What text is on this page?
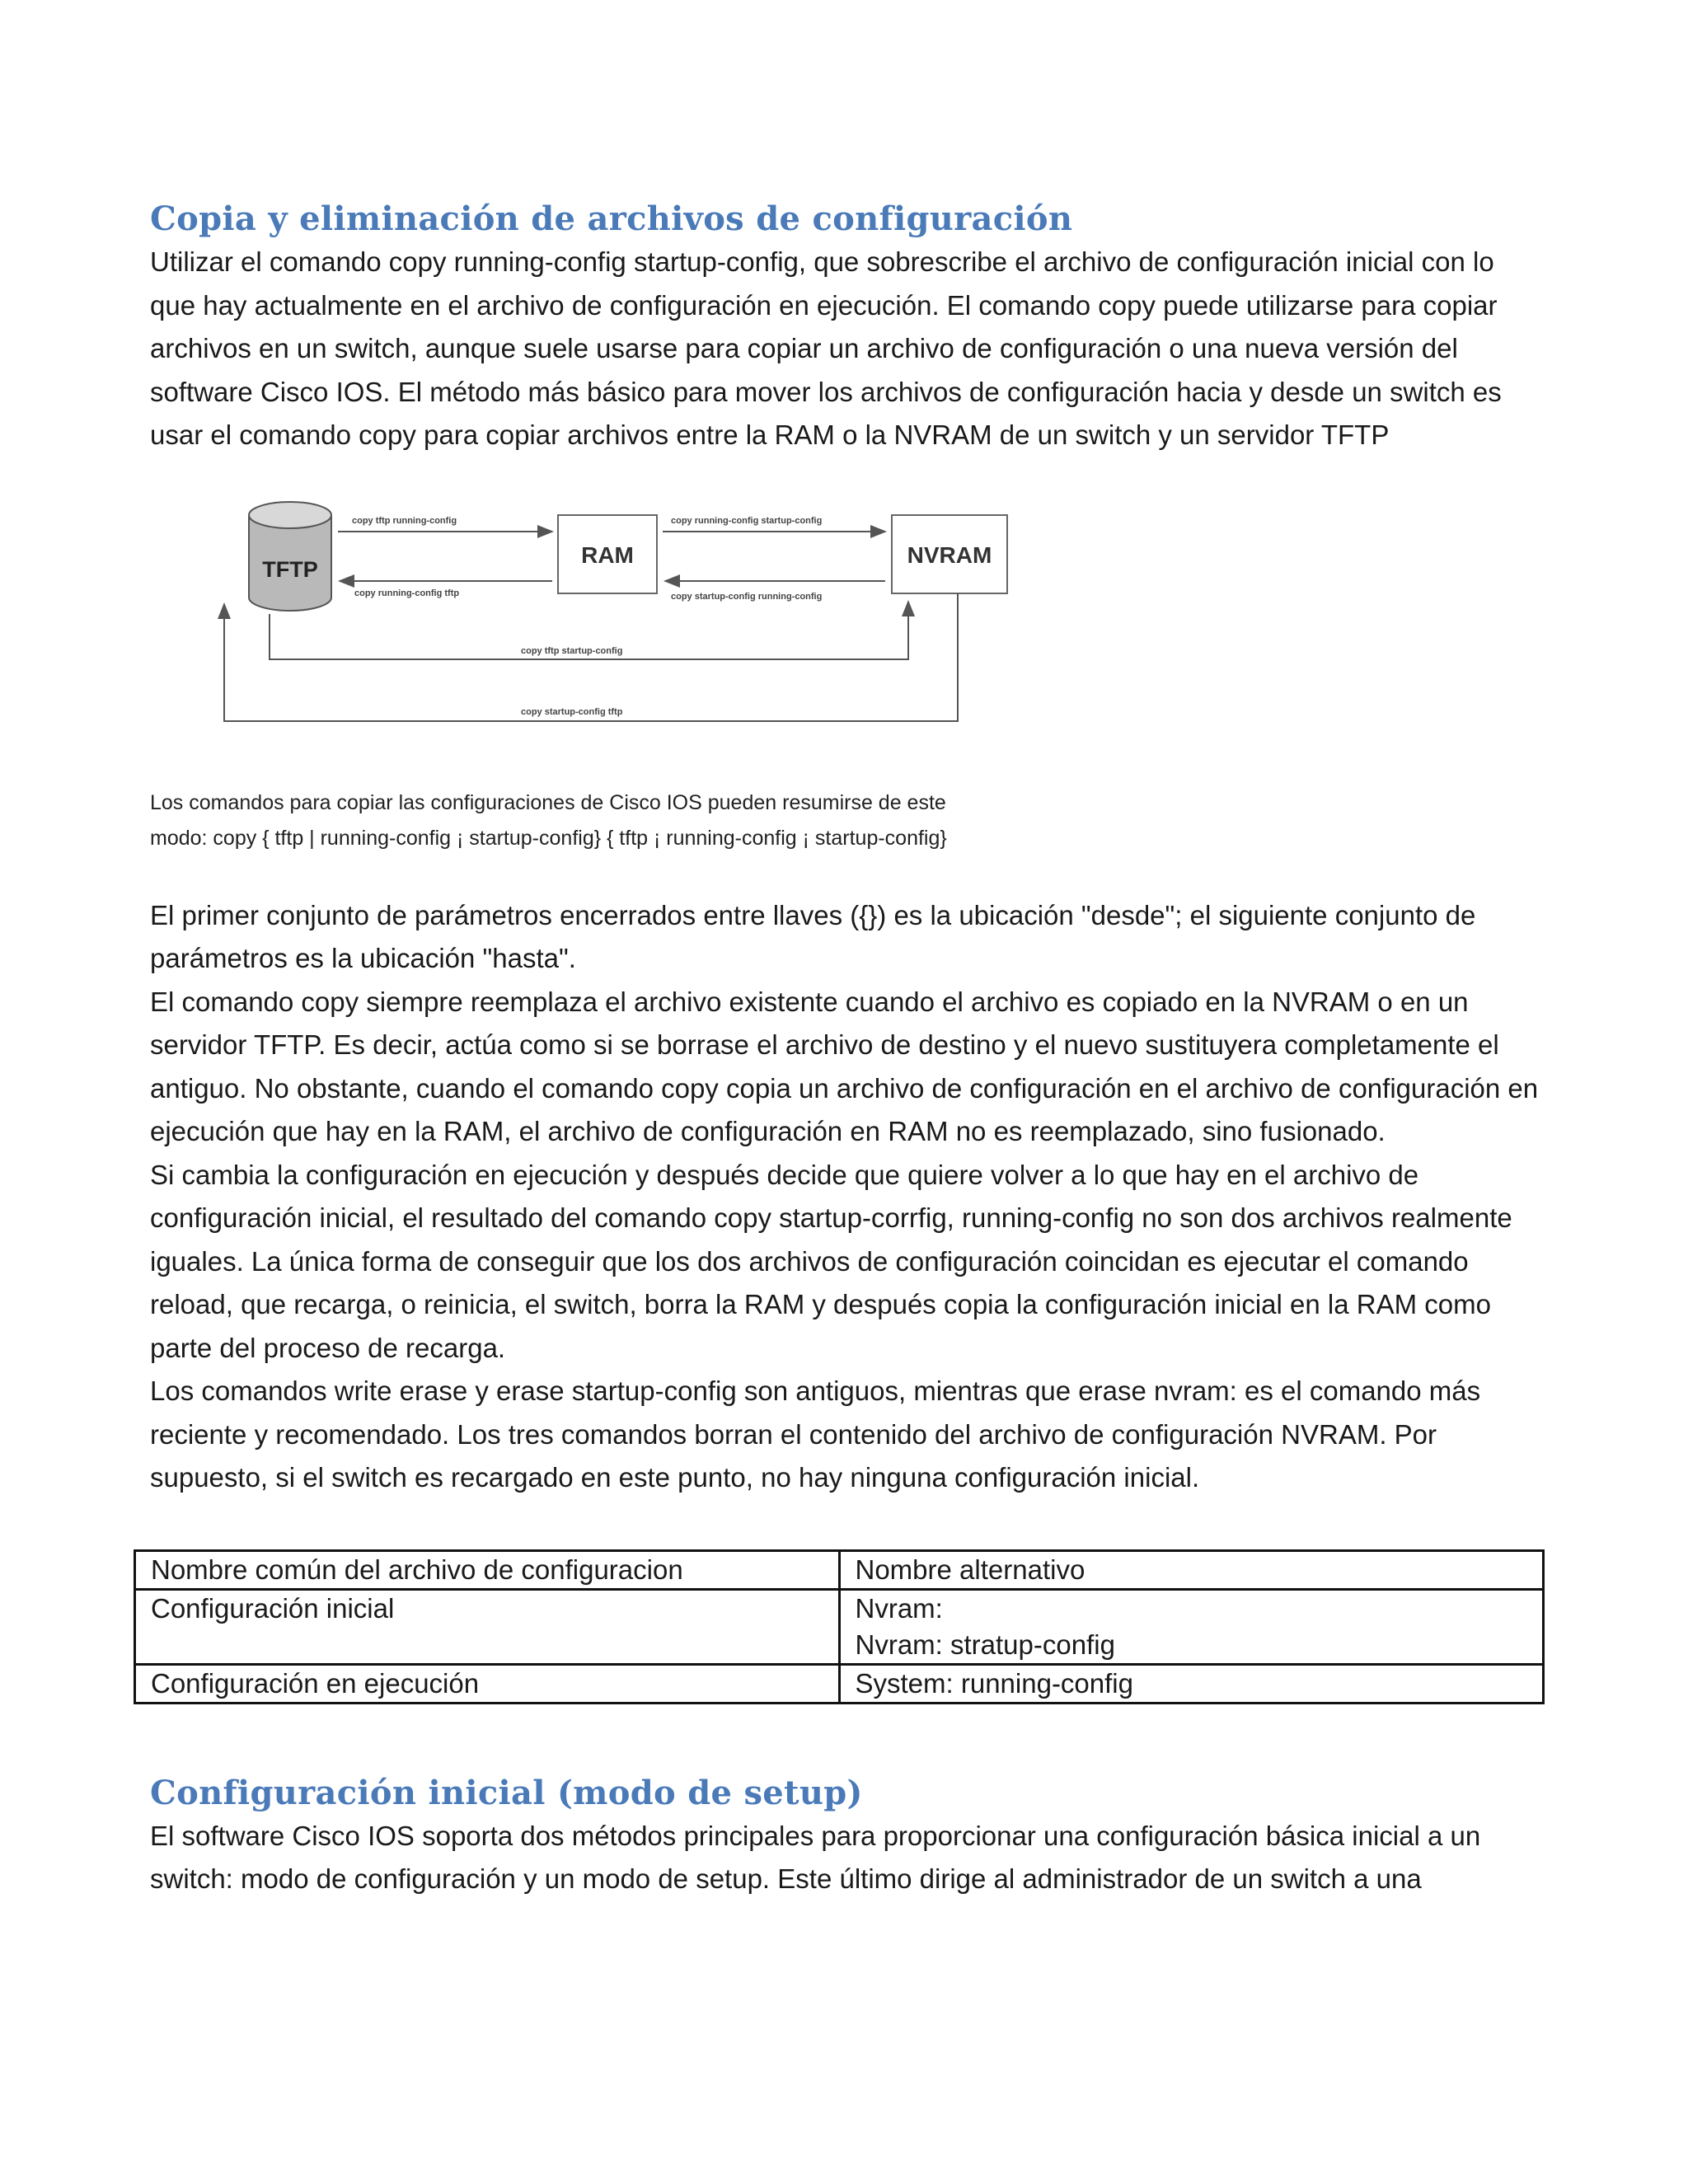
Copia y eliminación de archivos de configuración

Utilizar el comando copy running-config startup-config, que sobrescribe el archivo de configuración inicial con lo que hay actualmente en el archivo de configuración en ejecución. El comando copy puede utilizarse para copiar archivos en un switch, aunque suele usarse para copiar un archivo de configuración o una nueva versión del software Cisco IOS. El método más básico para mover los archivos de configuración hacia y desde un switch es usar el comando copy para copiar archivos entre la RAM o la NVRAM de un switch y un servidor TFTP

TFTP
RAM	NVRAM
copy tftp running-config
copy running-config tftp
copy running-config startup-config
copy startup-config running-config
copy tftp startup-config
copy startup-config tftp
Los comandos para copiar las configuraciones de Cisco IOS pueden resumirse de este
modo: copy { tftp | running-config ¡ startup-config} { tftp ¡ running-config ¡ startup-config}

El primer conjunto de parámetros encerrados entre llaves ({}) es la ubicación "desde"; el siguiente conjunto de parámetros es la ubicación "hasta".

El comando copy siempre reemplaza el archivo existente cuando el archivo es copiado en la NVRAM o en un servidor TFTP. Es decir, actúa como si se borrase el archivo de destino y el nuevo sustituyera completamente el antiguo. No obstante, cuando el comando copy copia un archivo de configuración en el archivo de configuración en ejecución que hay en la RAM, el archivo de configuración en RAM no es reemplazado, sino fusionado.

Si cambia la configuración en ejecución y después decide que quiere volver a lo que hay en el archivo de configuración inicial, el resultado del comando copy startup-corrfig, running-config no son dos archivos realmente iguales. La única forma de conseguir que los dos archivos de configuración coincidan es ejecutar el comando reload, que recarga, o reinicia, el switch, borra la RAM y después copia la configuración inicial en la RAM como parte del proceso de recarga.

Los comandos write erase y erase startup-config son antiguos, mientras que erase nvram: es el comando más reciente y recomendado. Los tres comandos borran el contenido del archivo de configuración NVRAM. Por supuesto, si el switch es recargado en este punto, no hay ninguna configuración inicial.

Nombre común del archivo de configuracion	Nombre alternativo
Configuración inicial	Nvram:
Nvram: stratup-config

Configuración en ejecución	System: running-config
Configuración inicial (modo de setup)

El software Cisco IOS soporta dos métodos principales para proporcionar una configuración básica inicial a un switch: modo de configuración y un modo de setup. Este último dirige al administrador de un switch a una
